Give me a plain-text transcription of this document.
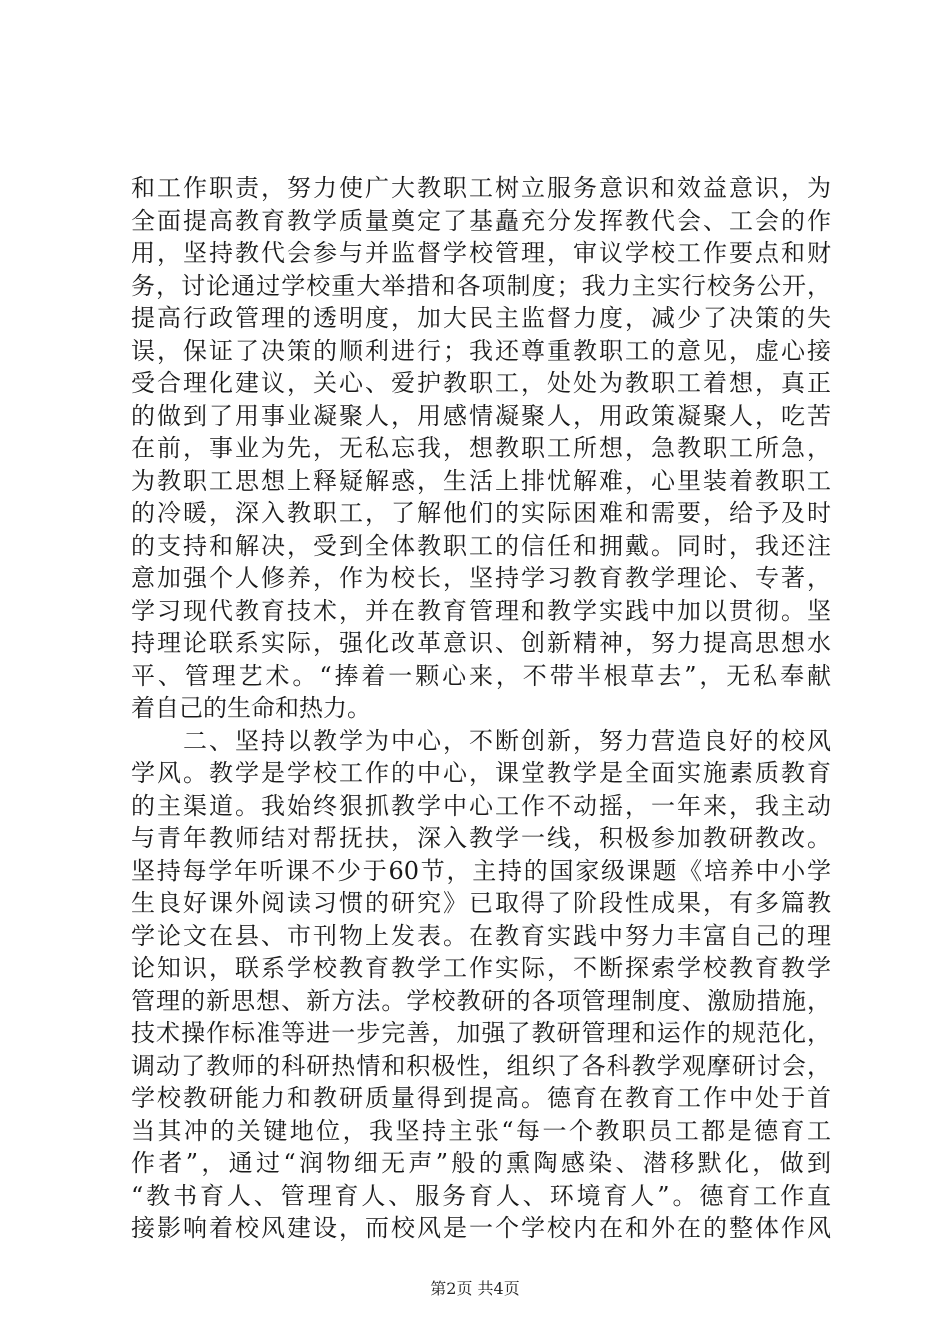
和工作职责，努力使广大教职工树立服务意识和效益意识，为
全面提高教育教学质量奠定了基矗充分发挥教代会、工会的作
用，坚持教代会参与并监督学校管理，审议学校工作要点和财
务，讨论通过学校重大举措和各项制度；我力主实行校务公开，
提高行政管理的透明度，加大民主监督力度，减少了决策的失
误，保证了决策的顺利进行；我还尊重教职工的意见，虚心接
受合理化建议，关心、爱护教职工，处处为教职工着想，真正
的做到了用事业凝聚人，用感情凝聚人，用政策凝聚人，吃苦
在前，事业为先，无私忘我，想教职工所想，急教职工所急，
为教职工思想上释疑解惑，生活上排忧解难，心里装着教职工
的冷暖，深入教职工，了解他们的实际困难和需要，给予及时
的支持和解决，受到全体教职工的信任和拥戴。同时，我还注
意加强个人修养，作为校长，坚持学习教育教学理论、专著，
学习现代教育技术，并在教育管理和教学实践中加以贯彻。坚
持理论联系实际，强化改革意识、创新精神，努力提高思想水
平、管理艺术。“捧着一颗心来，不带半根草去”，无私奉献
着自己的生命和热力。
　　二、坚持以教学为中心，不断创新，努力营造良好的校风
学风。教学是学校工作的中心，课堂教学是全面实施素质教育
的主渠道。我始终狠抓教学中心工作不动摇，一年来，我主动
与青年教师结对帮抚扶，深入教学一线，积极参加教研教改。
坚持每学年听课不少于60节，主持的国家级课题《培养中小学
生良好课外阅读习惯的研究》已取得了阶段性成果，有多篇教
学论文在县、市刊物上发表。在教育实践中努力丰富自己的理
论知识，联系学校教育教学工作实际，不断探索学校教育教学
管理的新思想、新方法。学校教研的各项管理制度、激励措施，
技术操作标准等进一步完善，加强了教研管理和运作的规范化，
调动了教师的科研热情和积极性，组织了各科教学观摩研讨会，
学校教研能力和教研质量得到提高。德育在教育工作中处于首
当其冲的关键地位，我坚持主张“每一个教职员工都是德育工
作者”，通过“润物细无声”般的熏陶感染、潜移默化，做到
“教书育人、管理育人、服务育人、环境育人”。德育工作直
接影响着校风建设，而校风是一个学校内在和外在的整体作风
第2页 共4页
